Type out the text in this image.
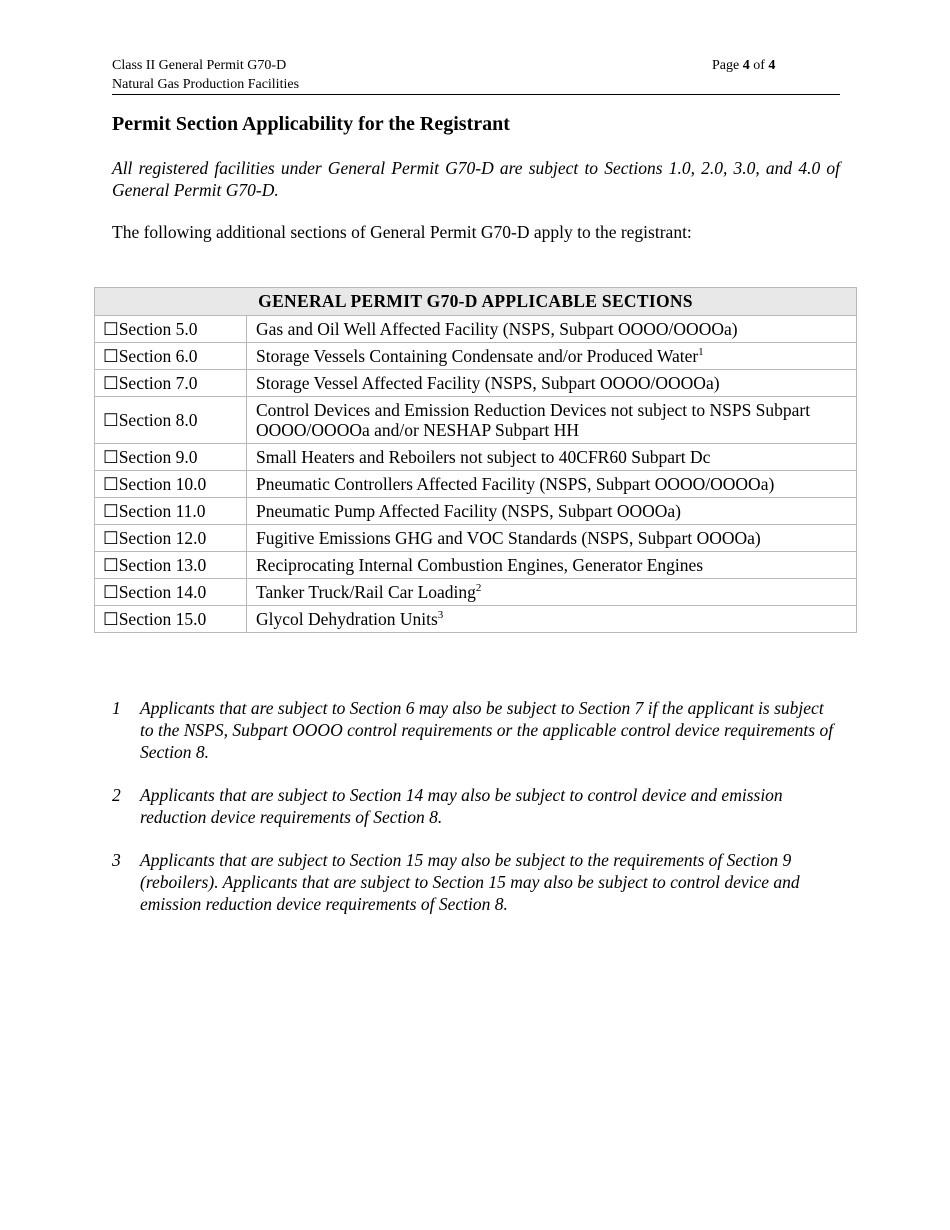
Class II General Permit G70-D
Natural Gas Production Facilities
Page 4 of 4
Permit Section Applicability for the Registrant
All registered facilities under General Permit G70-D are subject to Sections 1.0, 2.0, 3.0, and 4.0 of General Permit G70-D.
The following additional sections of General Permit G70-D apply to the registrant:
GENERAL PERMIT G70-D APPLICABLE SECTIONS	
☐Section 5.0	Gas and Oil Well Affected Facility (NSPS, Subpart OOOO/OOOOa)
☐Section 6.0	Storage Vessels Containing Condensate and/or Produced Water$^1$
☐Section 7.0	Storage Vessel Affected Facility (NSPS, Subpart OOOO/OOOOa)
☐Section 8.0	Control Devices and Emission Reduction Devices not subject to NSPS Subpart OOOO/OOOOa and/or NESHAP Subpart HH
☐Section 9.0	Small Heaters and Reboilers not subject to 40CFR60 Subpart Dc
☐Section 10.0	Pneumatic Controllers Affected Facility (NSPS, Subpart OOOO/OOOOa)
☐Section 11.0	Pneumatic Pump Affected Facility (NSPS, Subpart OOOOa)
☐Section 12.0	Fugitive Emissions GHG and VOC Standards (NSPS, Subpart OOOOa)
☐Section 13.0	Reciprocating Internal Combustion Engines, Generator Engines
☐Section 14.0	Tanker Truck/Rail Car Loading$^2$
☐Section 15.0	Glycol Dehydration Units$^3$
1 Applicants that are subject to Section 6 may also be subject to Section 7 if the applicant is subject to the NSPS, Subpart OOOO control requirements or the applicable control device requirements of Section 8.
2 Applicants that are subject to Section 14 may also be subject to control device and emission reduction device requirements of Section 8.
3 Applicants that are subject to Section 15 may also be subject to the requirements of Section 9 (reboilers). Applicants that are subject to Section 15 may also be subject to control device and emission reduction device requirements of Section 8.
